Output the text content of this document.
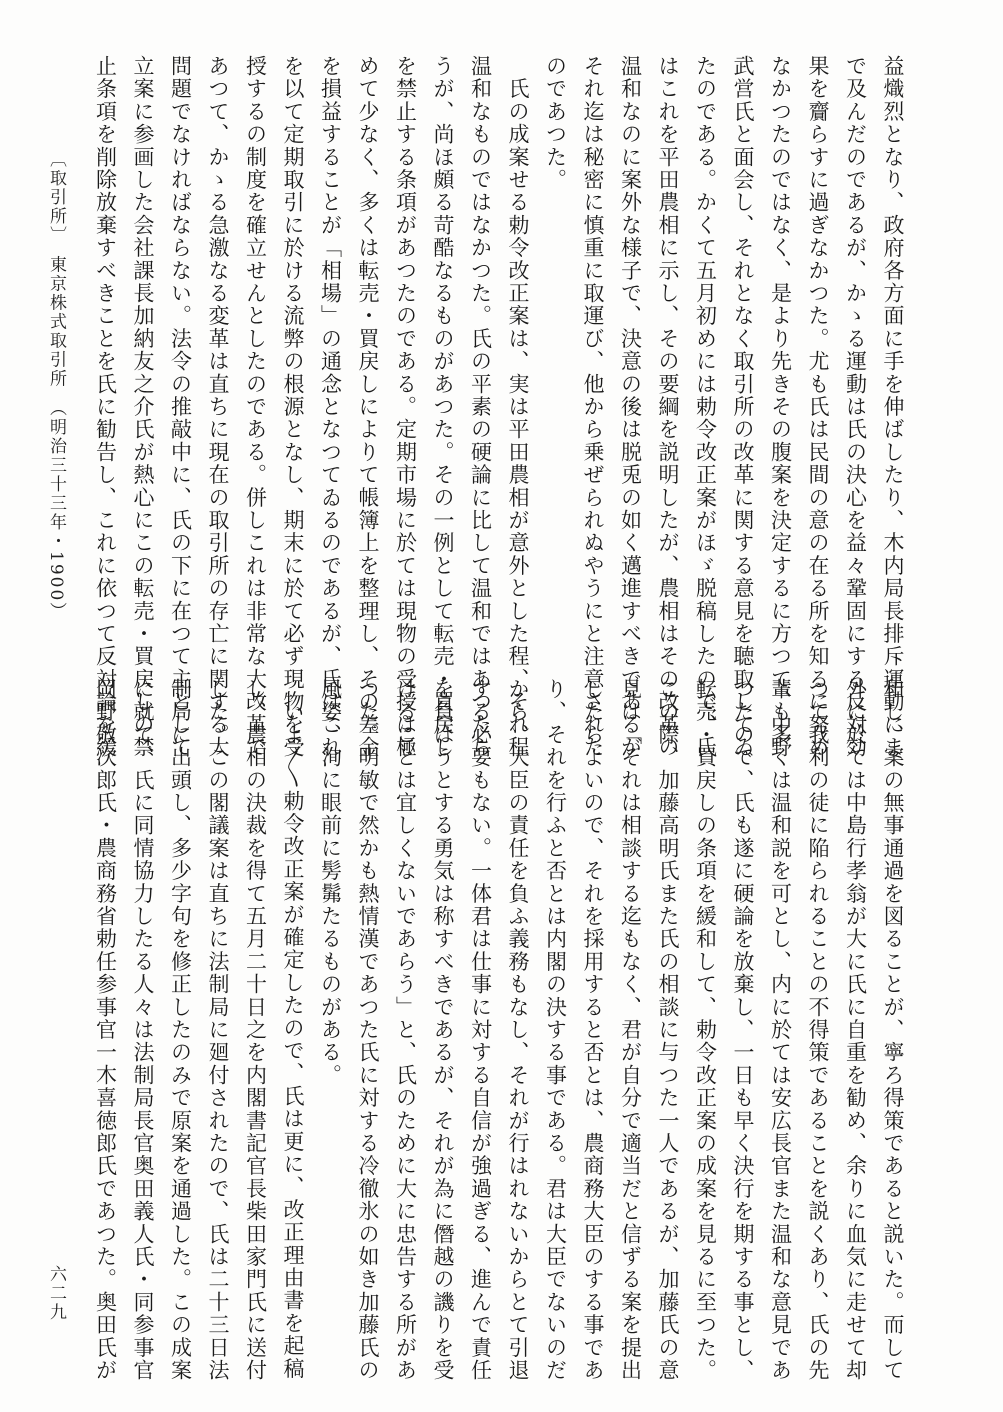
益熾烈となり、政府各方面に手を伸ばしたり、木内局長排斥運動にま

で及んだのであるが、かゝる運動は氏の決心を益々鞏固にする反対効

果を齎らすに過ぎなかつた。尤も氏は民間の意の在る所を知るに努め

なかつたのではなく、是より先きその腹案を決定するに方つて、中野

武営氏と面会し、それとなく取引所の改革に関する意見を聴取してゐ

たのである。かくて五月初めには勅令改正案がほゞ脱稿したので、氏

はこれを平田農相に示し、その要綱を説明したが、農相はその改革の

温和なのに案外な様子で、決意の後は脱兎の如く邁進すべきであるが

それ迄は秘密に慎重に取運び、他から乗ぜられぬやうにと注意された

のであつた。

　氏の成案せる勅令改正案は、実は平田農相が意外とした程、それ程

温和なものではなかつた。氏の平素の硬論に比して温和ではあつたら

うが、尚ほ頗る苛酷なるものがあつた。その一例として転売・買戻し

を禁止する条項があつたのである。定期市場に於ては現物の受授は極

めて少なく、多くは転売・買戻しによりて帳簿上を整理し、その差金

を損益することが「相場」の通念となつてゐるのであるが、氏はこれ

を以て定期取引に於ける流弊の根源となし、期末に於て必ず現物を受

授するの制度を確立せんとしたのである。併しこれは非常な大改革で

あつて、かゝる急激なる変革は直ちに現在の取引所の存亡に関する大

問題でなければならない。法令の推敲中に、氏の下に在つて主として

立案に参画した会社課長加納友之介氏が熱心にこの転売・買戻しの禁

止条項を削除放棄すべきことを氏に勧告し、これに依つて反対論を緩

和し、案の無事通過を図ることが、寧ろ得策であると説いた。而して

外に於ては中島行孝翁が大に氏に自重を勧め、余りに血気に走せて却

つて我利の徒に陥られることの不得策であることを説くあり、氏の先

輩も多くは温和説を可とし、内に於ては安広長官また温和な意見であ

つたので、氏も遂に硬論を放棄し、一日も早く決行を期する事とし、

転売・買戻しの条項を緩和して、勅令改正案の成案を見るに至つた。

この際、加藤高明氏また氏の相談に与つた一人であるが、加藤氏の意

見は「それは相談する迄もなく、君が自分で適当だと信ずる案を提出

したらよいので、それを採用すると否とは、農商務大臣のする事であ

り、それを行ふと否とは内閣の決する事である。君は大臣でないのだ

から、大臣の責任を負ふ義務もなし、それが行はれないからとて引退

する必要もない。一体君は仕事に対する自信が強過ぎる、進んで責任

を負はうとする勇気は称すべきであるが、それが為に僭越の譏りを受

けることは宜しくないであらう」と、氏のために大に忠告する所があ

つた。明敏で然かも熱情漢であつた氏に対する冷徹氷の如き加藤氏の

風姿、洵に眼前に髣髴たるものがある。

　いよ〳〵勅令改正案が確定したので、氏は更に、改正理由書を起稿

し、農相の決裁を得て五月二十日之を内閣書記官長柴田家門氏に送付

した。この閣議案は直ちに法制局に廻付されたので、氏は二十三日法

制局に出頭し、多少字句を修正したのみで原案を通過した。この成案

に就て、氏に同情協力したる人々は法制局長官奥田義人氏・同参事官

岡野敬次郎氏・農商務省勅任参事官一木喜徳郎氏であつた。奥田氏が

〔取引所〕　東京株式取引所　（明治三十三年・1900）
六二九
